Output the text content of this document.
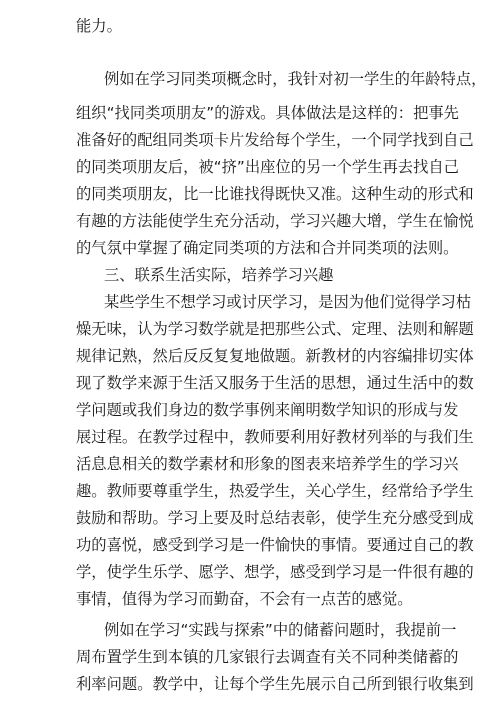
能力。
例如在学习同类项概念时，我针对初一学生的年龄特点，
组织“找同类项朋友”的游戏。具体做法是这样的：把事先
准备好的配组同类项卡片发给每个学生，一个同学找到自己
的同类项朋友后，被“挤”出座位的另一个学生再去找自己
的同类项朋友，比一比谁找得既快又准。这种生动的形式和
有趣的方法能使学生充分活动，学习兴趣大增，学生在愉悦
的气氛中掌握了确定同类项的方法和合并同类项的法则。
三、联系生活实际，培养学习兴趣
某些学生不想学习或讨厌学习，是因为他们觉得学习枯
燥无味，认为学习数学就是把那些公式、定理、法则和解题
规律记熟，然后反反复复地做题。新教材的内容编排切实体
现了数学来源于生活又服务于生活的思想，通过生活中的数
学问题或我们身边的数学事例来阐明数学知识的形成与发
展过程。在教学过程中，教师要利用好教材列举的与我们生
活息息相关的数学素材和形象的图表来培养学生的学习兴
趣。教师要尊重学生，热爱学生，关心学生，经常给予学生
鼓励和帮助。学习上要及时总结表彰，使学生充分感受到成
功的喜悦，感受到学习是一件愉快的事情。要通过自己的教
学，使学生乐学、愿学、想学，感受到学习是一件很有趣的
事情，值得为学习而勤奋，不会有一点苦的感觉。
例如在学习“实践与探索”中的储蓄问题时，我提前一
周布置学生到本镇的几家银行去调查有关不同种类储蓄的
利率问题。教学中，让每个学生先展示自己所到银行收集到
